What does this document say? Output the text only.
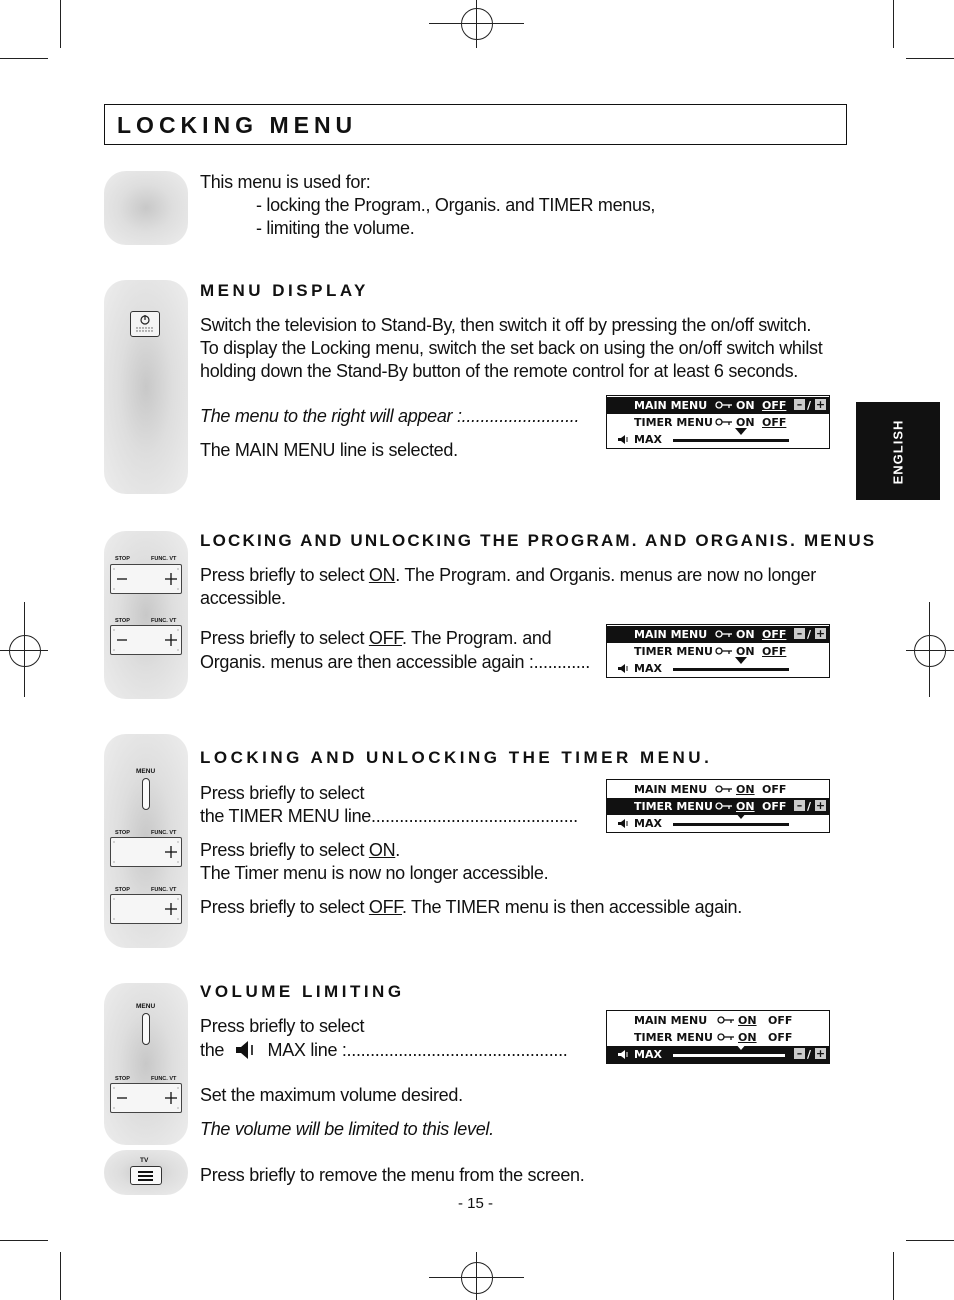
LOCKING MENU
ENGLISH
This menu is used for:
- locking the Program., Organis. and TIMER menus,
- limiting the volume.
MENU DISPLAY
Switch the television to Stand-By, then switch it off by pressing the on/off switch.
To display the Locking menu, switch the set back on using the on/off switch whilst
holding down the Stand-By button of the remote control for at least 6 seconds.
The menu to the right will appear :.........................
The MAIN MENU line is selected.
MAIN MENU	ON OFF – / +
TIMER MENU ON OFF
MAX
STOP	FUNC. VT
STOP	FUNC. VT
LOCKING AND UNLOCKING THE PROGRAM. AND ORGANIS. MENUS
Press briefly to select ON. The Program. and Organis. menus are now no longer
accessible.
Press briefly to select OFF. The Program. and
Organis. menus are then accessible again :............
MAIN MENU	ON OFF – / +
TIMER MENU ON OFF
MAX
MENU
STOP	FUNC. VT
STOP	FUNC. VT
LOCKING AND UNLOCKING THE TIMER MENU.
Press briefly to select
the TIMER MENU line............................................
Press briefly to select ON.
The Timer menu is now no longer accessible.
Press briefly to select OFF. The TIMER menu is then accessible again.
MAIN MENU	ON OFF
TIMER MENU ON OFF – / +
MAX
MENU
STOP	FUNC. VT
VOLUME LIMITING
Press briefly to select
the MAX line :...............................................
Set the maximum volume desired.
The volume will be limited to this level.
MAIN MENU	ON OFF
TIMER MENU ON OFF
MAX	– / +
TV
Press briefly to remove the menu from the screen.
- 15 -
